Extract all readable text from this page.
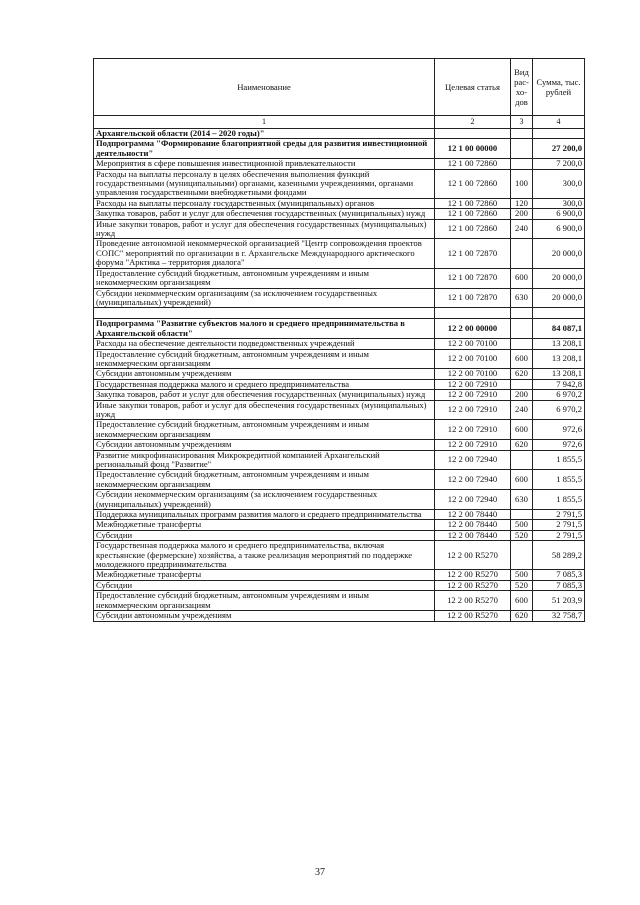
Наименование	Целевая статья	Вид рас-хо-дов	Сумма, тыс. рублей
1	2	3	4
Архангельской области (2014 – 2020 годы)"			
Подпрограмма "Формирование благоприятной среды для развития инвестиционной деятельности"	12 1 00 00000		27 200,0
Мероприятия в сфере повышения инвестиционной привлекательности	12 1 00 72860		7 200,0
Расходы на выплаты персоналу в целях обеспечения выполнения функций государственными (муниципальными) органами, казенными учреждениями, органами управления государственными внебюджетными фондами	12 1 00 72860	100	300,0
Расходы на выплаты персоналу государственных (муниципальных) органов	12 1 00 72860	120	300,0
Закупка товаров, работ и услуг для обеспечения государственных (муниципальных) нужд	12 1 00 72860	200	6 900,0
Иные закупки товаров, работ и услуг для обеспечения государственных (муниципальных) нужд	12 1 00 72860	240	6 900,0
Проведение автономной некоммерческой организацией "Центр сопровождения проектов СОПС" мероприятий по организации в г. Архангельске Международного арктического форума "Арктика – территория диалога"	12 1 00 72870		20 000,0
Предоставление субсидий бюджетным, автономным учреждениям и иным некоммерческим организациям	12 1 00 72870	600	20 000,0
Субсидии некоммерческим организациям (за исключением государственных (муниципальных) учреждений)	12 1 00 72870	630	20 000,0

Подпрограмма "Развитие субъектов малого и среднего предпринимательства в Архангельской области"	12 2 00 00000		84 087,1
Расходы на обеспечение деятельности подведомственных учреждений	12 2 00 70100		13 208,1
Предоставление субсидий бюджетным, автономным учреждениям и иным некоммерческим организациям	12 2 00 70100	600	13 208,1
Субсидии автономным учреждениям	12 2 00 70100	620	13 208,1
Государственная поддержка малого и среднего предпринимательства	12 2 00 72910		7 942,8
Закупка товаров, работ и услуг для обеспечения государственных (муниципальных) нужд	12 2 00 72910	200	6 970,2
Иные закупки товаров, работ и услуг для обеспечения государственных (муниципальных) нужд	12 2 00 72910	240	6 970,2
Предоставление субсидий бюджетным, автономным учреждениям и иным некоммерческим организациям	12 2 00 72910	600	972,6
Субсидии автономным учреждениям	12 2 00 72910	620	972,6
Развитие микрофинансирования Микрокредитной компанией Архангельский региональный фонд "Развитие"	12 2 00 72940		1 855,5
Предоставление субсидий бюджетным, автономным учреждениям и иным некоммерческим организациям	12 2 00 72940	600	1 855,5
Субсидии некоммерческим организациям (за исключением государственных (муниципальных) учреждений)	12 2 00 72940	630	1 855,5
Поддержка муниципальных программ развития малого и среднего предпринимательства	12 2 00 78440		2 791,5
Межбюджетные трансферты	12 2 00 78440	500	2 791,5
Субсидии	12 2 00 78440	520	2 791,5
Государственная поддержка малого и среднего предпринимательства, включая крестьянские (фермерские) хозяйства, а также реализация мероприятий по поддержке молодежного предпринимательства	12 2 00 R5270		58 289,2
Межбюджетные трансферты	12 2 00 R5270	500	7 085,3
Субсидии	12 2 00 R5270	520	7 085,3
Предоставление субсидий бюджетным, автономным учреждениям и иным некоммерческим организациям	12 2 00 R5270	600	51 203,9
Субсидии автономным учреждениям	12 2 00 R5270	620	32 758,7
37
